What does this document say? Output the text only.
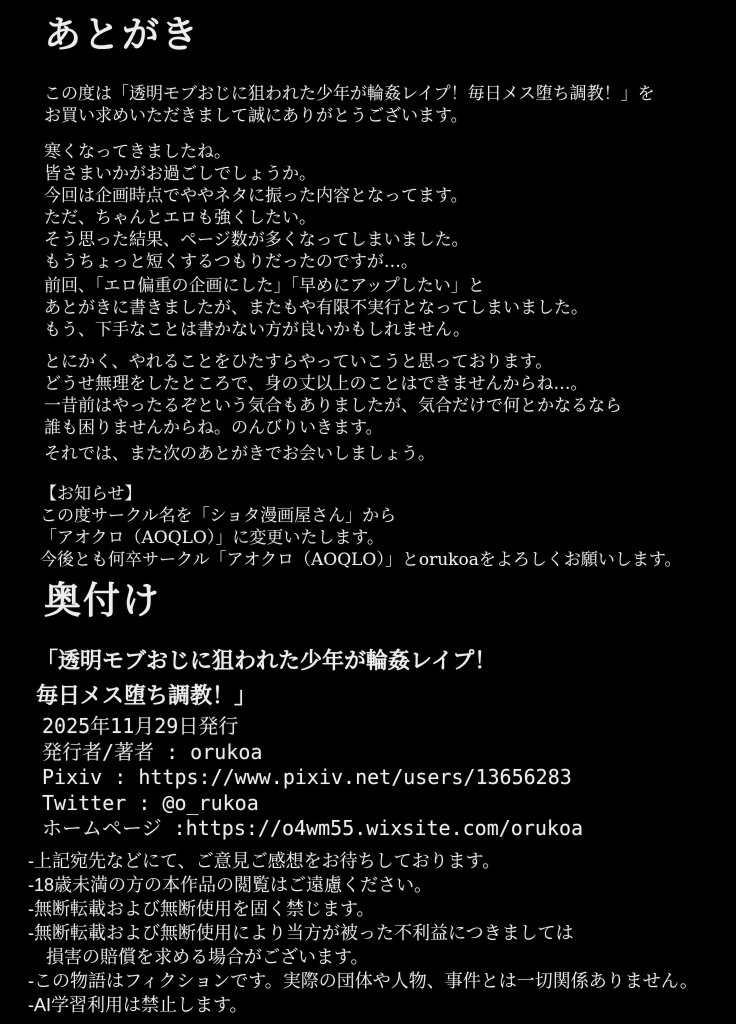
あとがき
この度は「透明モブおじに狙われた少年が輪姦レイプ！毎日メス堕ち調教！」を
お買い求めいただきまして誠にありがとうございます。
寒くなってきましたね。
皆さまいかがお過ごしでしょうか。
今回は企画時点でややネタに振った内容となってます。
ただ、ちゃんとエロも強くしたい。
そう思った結果、ページ数が多くなってしまいました。
もうちょっと短くするつもりだったのですが…。
前回、「エロ偏重の企画にした」「早めにアップしたい」と
あとがきに書きましたが、またもや有限不実行となってしまいました。
もう、下手なことは書かない方が良いかもしれません。
とにかく、やれることをひたすらやっていこうと思っております。
どうせ無理をしたところで、身の丈以上のことはできませんからね…。
一昔前はやったるぞという気合もありましたが、気合だけで何とかなるなら
誰も困りませんからね。のんびりいきます。
それでは、また次のあとがきでお会いしましょう。
【お知らせ】
この度サークル名を「ショタ漫画屋さん」から
「アオクロ（AOQLO）」に変更いたします。
今後とも何卒サークル「アオクロ（AOQLO）」とorukoaをよろしくお願いします。
奥付け
「透明モブおじに狙われた少年が輪姦レイプ！
毎日メス堕ち調教！」
2025年11月29日発行
発行者/著者 : orukoa
Pixiv : https://www.pixiv.net/users/13656283
Twitter : @o_rukoa
ホームページ :https://o4wm55.wixsite.com/orukoa
-上記宛先などにて、ご意見ご感想をお待ちしております。
-18歳未満の方の本作品の閲覧はご遠慮ください。
-無断転載および無断使用を固く禁じます。
-無断転載および無断使用により当方が被った不利益につきましては
　損害の賠償を求める場合がございます。
-この物語はフィクションです。実際の団体や人物、事件とは一切関係ありません。
-AI学習利用は禁止します。
